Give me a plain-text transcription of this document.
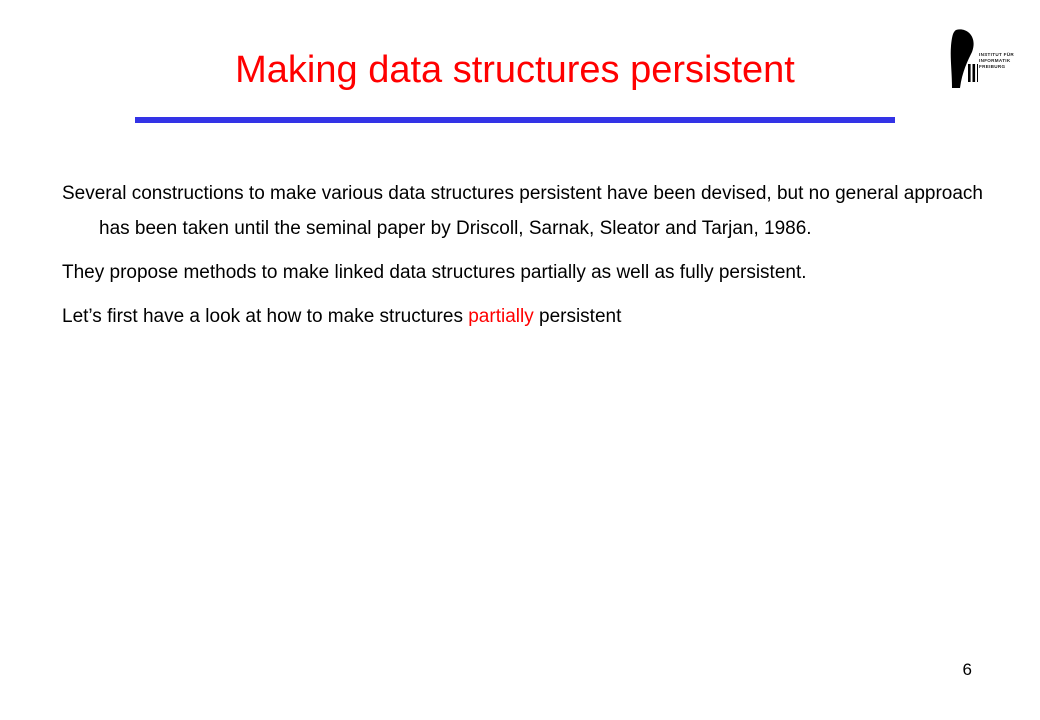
Making data structures persistent	INSTITUT FÜR
INFORMATIK
FREIBURG

Several constructions to make various data structures persistent have been devised, but no general approach has been taken until the seminal paper by Driscoll, Sarnak, Sleator and Tarjan, 1986.

They propose methods to make linked data structures partially as well as fully persistent.

Let’s first have a look at how to make structures partially persistent

6
